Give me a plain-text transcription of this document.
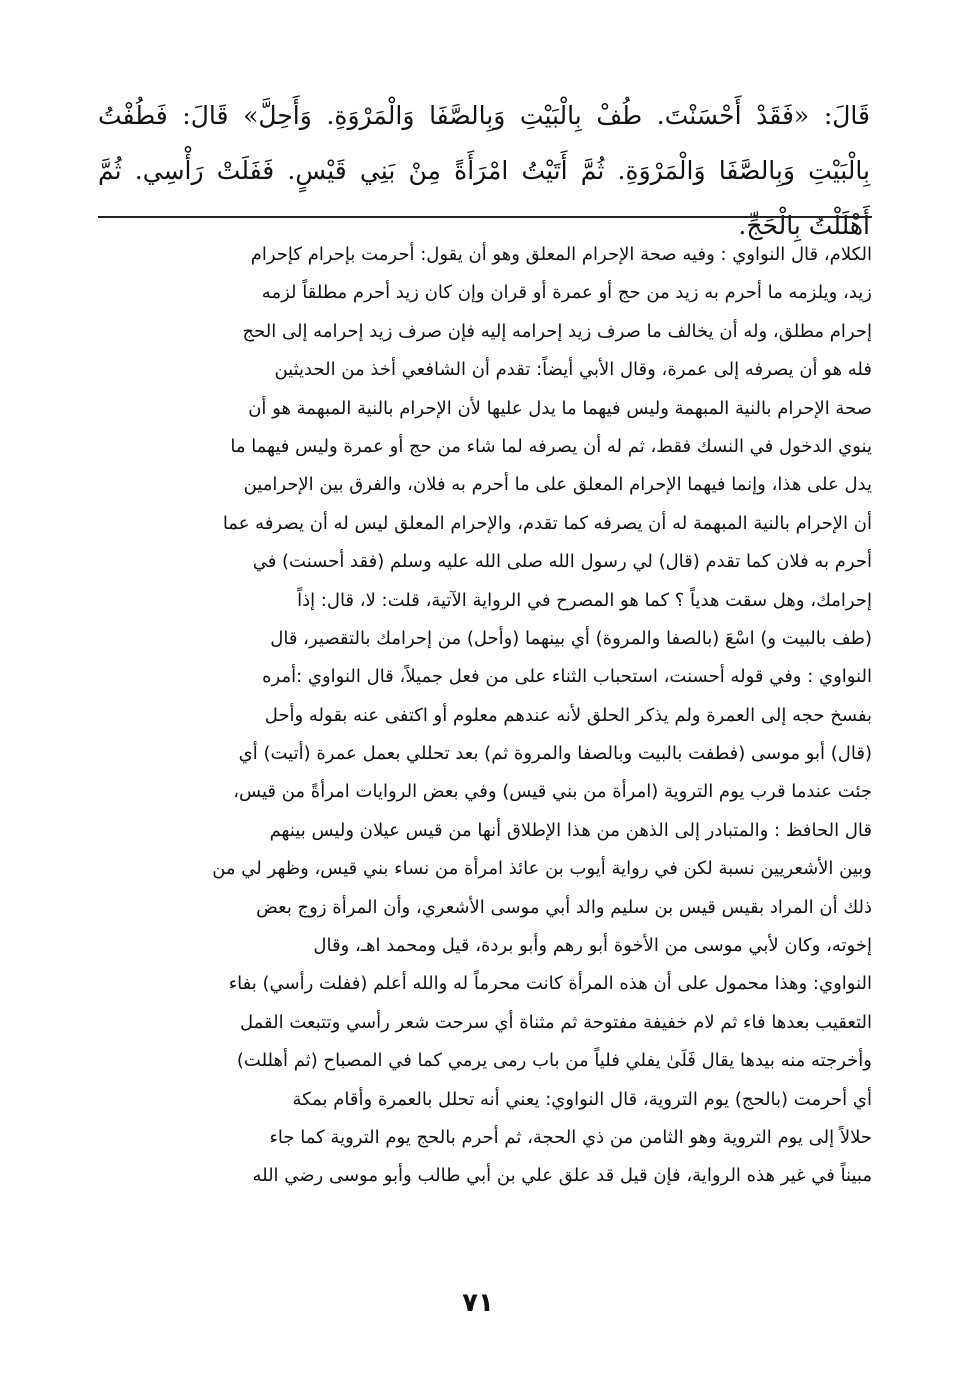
قَالَ: «فَقَدْ أَحْسَنْتَ. طُفْ بِالْبَيْتِ وَبِالصَّفَا وَالْمَرْوَةِ. وَأَحِلَّ» قَالَ: فَطُفْتُ بِالْبَيْتِ وَبِالصَّفَا وَالْمَرْوَةِ. ثُمَّ أَتَيْتُ امْرَأَةً مِنْ بَنِي قَيْسٍ. فَفَلَتْ رَأْسِي. ثُمَّ أَهْلَلْتُ بِالْحَجِّ.

الكلام، قال النواوي : وفيه صحة الإحرام المعلق وهو أن يقول: أحرمت بإحرام كإحرام
زيد، ويلزمه ما أحرم به زيد من حج أو عمرة أو قران وإن كان زيد أحرم مطلقاً لزمه
إحرام مطلق، وله أن يخالف ما صرف زيد إحرامه إليه فإن صرف زيد إحرامه إلى الحج
فله هو أن يصرفه إلى عمرة، وقال الأبي أيضاً: تقدم أن الشافعي أخذ من الحديثين
صحة الإحرام بالنية المبهمة وليس فيهما ما يدل عليها لأن الإحرام بالنية المبهمة هو أن
ينوي الدخول في النسك فقط، ثم له أن يصرفه لما شاء من حج أو عمرة وليس فيهما ما
يدل على هذا، وإنما فيهما الإحرام المعلق على ما أحرم به فلان، والفرق بين الإحرامين
أن الإحرام بالنية المبهمة له أن يصرفه كما تقدم، والإحرام المعلق ليس له أن يصرفه عما
أحرم به فلان كما تقدم (قال) لي رسول الله صلى الله عليه وسلم (فقد أحسنت) في
إحرامك، وهل سقت هدياً ؟ كما هو المصرح في الرواية الآتية، قلت: لا، قال: إذاً
(طف بالبيت و) اسْعَ (بالصفا والمروة) أي بينهما (وأحل) من إحرامك بالتقصير، قال
النواوي : وفي قوله أحسنت، استحباب الثناء على من فعل جميلاً، قال النواوي :أمره
بفسخ حجه إلى العمرة ولم يذكر الحلق لأنه عندهم معلوم أو اكتفى عنه بقوله وأحل
(قال) أبو موسى (فطفت بالبيت وبالصفا والمروة ثم) بعد تحللي بعمل عمرة (أتيت) أي
جئت عندما قرب يوم التروية (امرأة من بني قيس) وفي بعض الروايات امرأةً من قيس،
قال الحافظ : والمتبادر إلى الذهن من هذا الإطلاق أنها من قيس عيلان وليس بينهم
وبين الأشعريين نسبة لكن في رواية أيوب بن عائذ امرأة من نساء بني قيس، وظهر لي من
ذلك أن المراد بقيس قيس بن سليم والد أبي موسى الأشعري، وأن المرأة زوج بعض
إخوته، وكان لأبي موسى من الأخوة أبو رهم وأبو بردة، قيل ومحمد اهـ، وقال
النواوي: وهذا محمول على أن هذه المرأة كانت محرماً له والله أعلم (ففلت رأسي) بفاء
التعقيب بعدها فاء ثم لام خفيفة مفتوحة ثم مثناة أي سرحت شعر رأسي وتتبعت القمل
وأخرجته منه بيدها يقال فَلَىٰ يفلي فلياً من باب رمى يرمي كما في المصباح (ثم أهللت)
أي أحرمت (بالحج) يوم التروية، قال النواوي: يعني أنه تحلل بالعمرة وأقام بمكة
حلالاً إلى يوم التروية وهو الثامن من ذي الحجة، ثم أحرم بالحج يوم التروية كما جاء
مبيناً في غير هذه الرواية، فإن قيل قد علق علي بن أبي طالب وأبو موسى رضي الله
٧١
